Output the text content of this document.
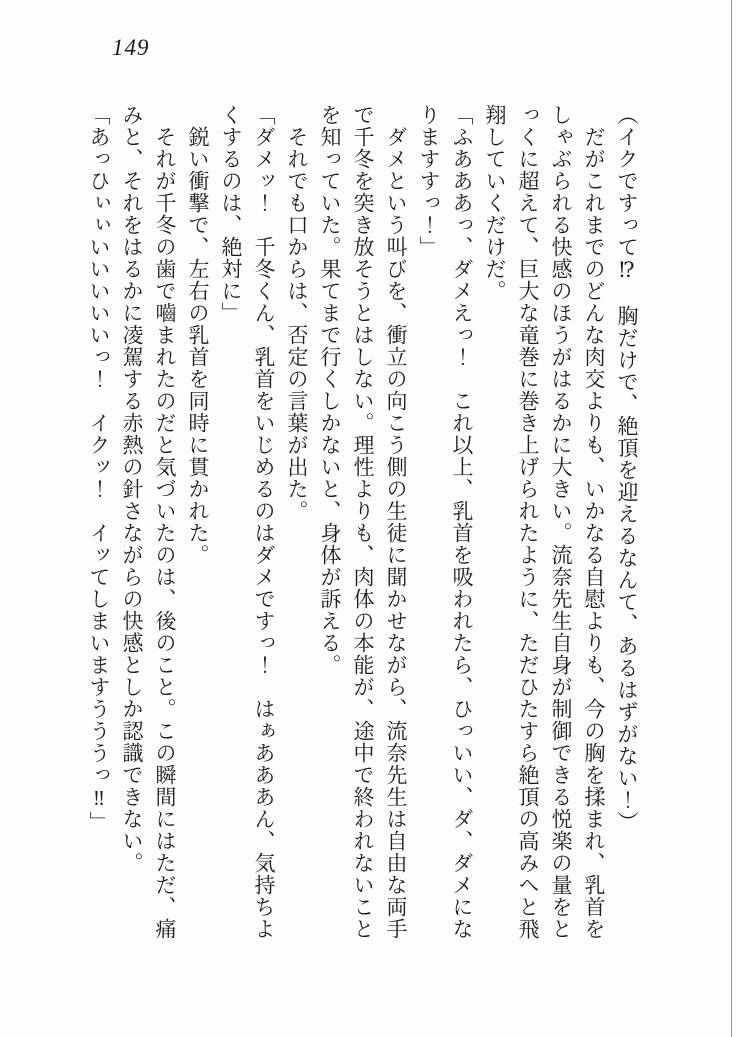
149
（イクですって⁉　胸だけで、絶頂を迎えるなんて、あるはずがない！）
　だがこれまでのどんな肉交よりも、いかなる自慰よりも、今の胸を揉まれ、乳首を
しゃぶられる快感のほうがはるかに大きい。流奈先生自身が制御できる悦楽の量をと
っくに超えて、巨大な竜巻に巻き上げられたように、ただひたすら絶頂の高みへと飛
翔していくだけだ。
「ふあああっ、ダメえっ！　これ以上、乳首を吸われたら、ひっいい、ダ、ダメにな
りますすっ！」
　ダメという叫びを、衝立の向こう側の生徒に聞かせながら、流奈先生は自由な両手
で千冬を突き放そうとはしない。理性よりも、肉体の本能が、途中で終われないこと
を知っていた。果てまで行くしかないと、身体が訴える。
　それでも口からは、否定の言葉が出た。
「ダメッ！　千冬くん、乳首をいじめるのはダメですっ！　はぁあああん、気持ちよ
くするのは、絶対に」
　鋭い衝撃で、左右の乳首を同時に貫かれた。
　それが千冬の歯で嚙まれたのだと気づいたのは、後のこと。この瞬間にはただ、痛
みと、それをはるかに凌駕する赤熱の針さながらの快感としか認識できない。
「あっひぃぃいいいいいっ！　イクッ！　イッてしまいますうううっ‼」
